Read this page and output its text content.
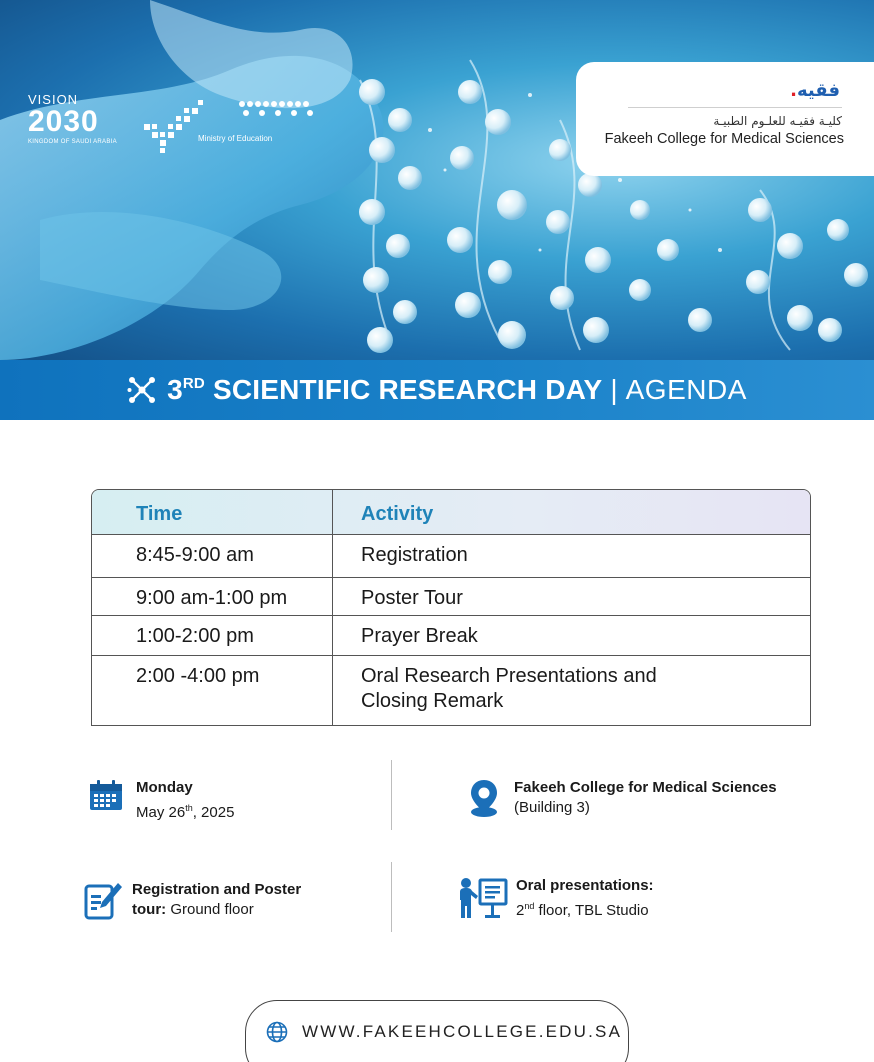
VISION
2030
KINGDOM OF SAUDI ARABIA	Ministry of Education
.فقيه
كليـة فقيـه للعلـوم الطبيـة
Fakeeh College for Medical Sciences
3RD SCIENTIFIC RESEARCH DAY | AGENDA
Time	Activity
8:45-9:00 am	Registration
9:00 am-1:00 pm	Poster Tour
1:00-2:00 pm	Prayer Break
2:00 -4:00 pm	Oral Research Presentations and
Closing Remark
Monday
May 26th, 2025
Fakeeh College for Medical Sciences
(Building 3)
Registration and Poster
tour: Ground floor
Oral presentations:
2nd floor, TBL Studio
WWW.FAKEEHCOLLEGE.EDU.SA
